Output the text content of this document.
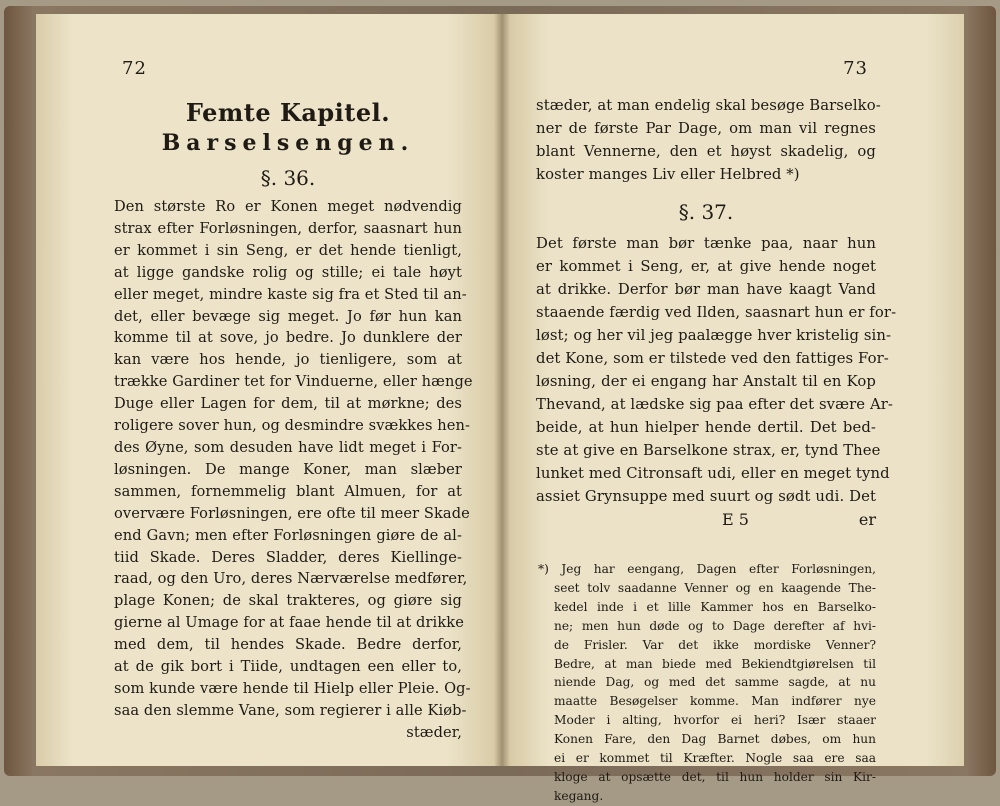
72
Femte Kapitel.
Barselsengen.
§. 36.
Den største Ro er Konen meget nødvendig
strax efter Forløsningen, derfor, saasnart hun
er kommet i sin Seng, er det hende tienligt,
at ligge gandske rolig og stille; ei tale høyt
eller meget, mindre kaste sig fra et Sted til an-
det, eller bevæge sig meget. Jo før hun kan
komme til at sove, jo bedre. Jo dunklere der
kan være hos hende, jo tienligere, som at
trække Gardiner tet for Vinduerne, eller hænge
Duge eller Lagen for dem, til at mørkne; des
roligere sover hun, og desmindre svækkes hen-
des Øyne, som desuden have lidt meget i For-
løsningen. De mange Koner, man slæber
sammen, fornemmelig blant Almuen, for at
overvære Forløsningen, ere ofte til meer Skade
end Gavn; men efter Forløsningen giøre de al-
tiid Skade. Deres Sladder, deres Kiellinge-
raad, og den Uro, deres Nærværelse medfører,
plage Konen; de skal trakteres, og giøre sig
gierne al Umage for at faae hende til at drikke
med dem, til hendes Skade. Bedre derfor,
at de gik bort i Tiide, undtagen een eller to,
som kunde være hende til Hielp eller Pleie. Og-
saa den slemme Vane, som regierer i alle Kiøb-
stæder,
73
stæder, at man endelig skal besøge Barselko-
ner de første Par Dage, om man vil regnes
blant Vennerne, den et høyst skadelig, og
koster manges Liv eller Helbred *)
§. 37.
Det første man bør tænke paa, naar hun
er kommet i Seng, er, at give hende noget
at drikke. Derfor bør man have kaagt Vand
staaende færdig ved Ilden, saasnart hun er for-
løst; og her vil jeg paalægge hver kristelig sin-
det Kone, som er tilstede ved den fattiges For-
løsning, der ei engang har Anstalt til en Kop
Thevand, at lædske sig paa efter det svære Ar-
beide, at hun hielper hende dertil. Det bed-
ste at give en Barselkone strax, er, tynd Thee
lunket med Citronsaft udi, eller en meget tynd
assiet Grynsuppe med suurt og sødt udi. Det
E 5	er
*) Jeg har eengang, Dagen efter Forløsningen,
seet tolv saadanne Venner og en kaagende The-
kedel inde i et lille Kammer hos en Barselko-
ne; men hun døde og to Dage derefter af hvi-
de Frisler. Var det ikke mordiske Venner?
Bedre, at man biede med Bekiendtgiørelsen til
niende Dag, og med det samme sagde, at nu
maatte Besøgelser komme. Man indfører nye
Moder i alting, hvorfor ei heri? Især staaer
Konen Fare, den Dag Barnet døbes, om hun
ei er kommet til Kræfter. Nogle saa ere saa
kloge at opsætte det, til hun holder sin Kir-
kegang.
